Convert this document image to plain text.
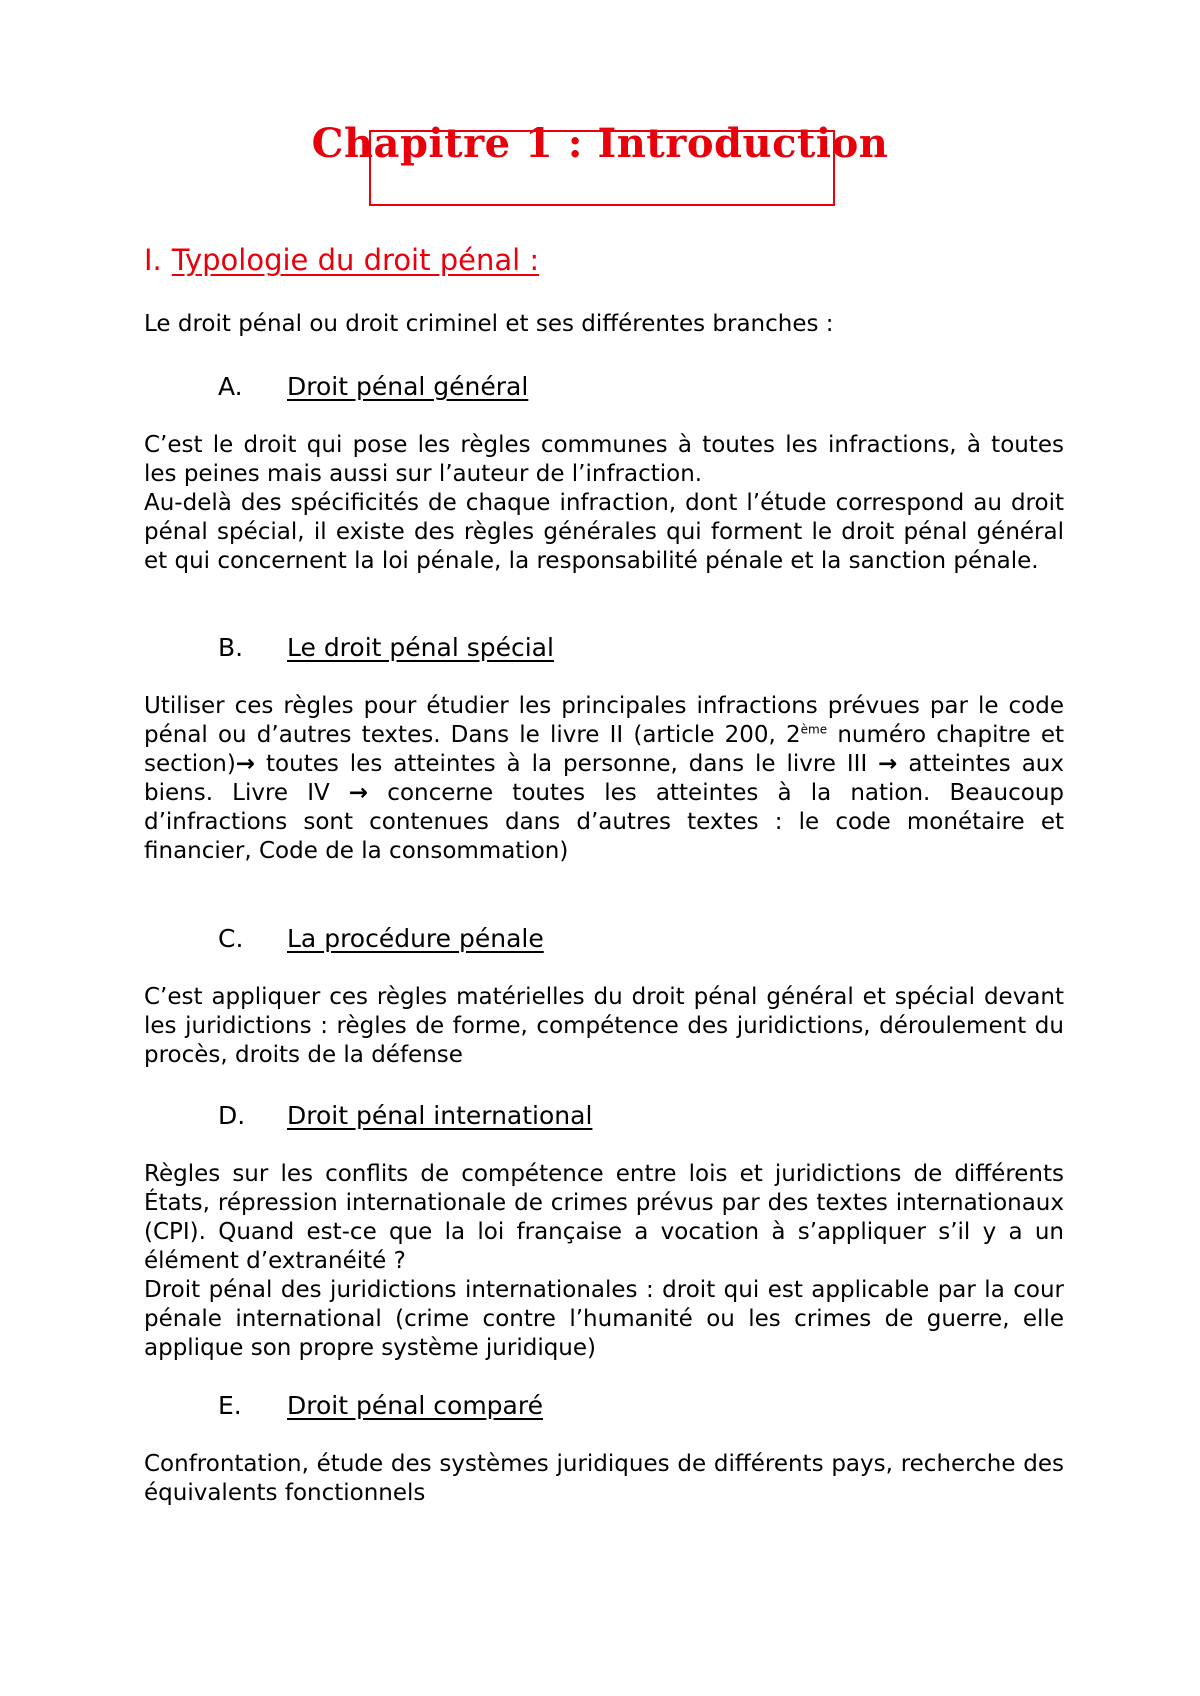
Chapitre 1 : Introduction
I. Typologie du droit pénal :
Le droit pénal ou droit criminel et ses différentes branches :
A. Droit pénal général

C’est le droit qui pose les règles communes à toutes les infractions, à toutes les peines mais aussi sur l’auteur de l’infraction.

Au-delà des spécificités de chaque infraction, dont l’étude correspond au droit pénal spécial, il existe des règles générales qui forment le droit pénal général et qui concernent la loi pénale, la responsabilité pénale et la sanction pénale.

B. Le droit pénal spécial

Utiliser ces règles pour étudier les principales infractions prévues par le code pénal ou d’autres textes. Dans le livre II (article 200, 2ème numéro chapitre et section)→ toutes les atteintes à la personne, dans le livre III → atteintes aux biens. Livre IV → concerne toutes les atteintes à la nation. Beaucoup d’infractions sont contenues dans d’autres textes : le code monétaire et financier, Code de la consommation)

C. La procédure pénale

C’est appliquer ces règles matérielles du droit pénal général et spécial devant les juridictions : règles de forme, compétence des juridictions, déroulement du procès, droits de la défense

D. Droit pénal international

Règles sur les conflits de compétence entre lois et juridictions de différents États, répression internationale de crimes prévus par des textes internationaux (CPI). Quand est-ce que la loi française a vocation à s’appliquer s’il y a un élément d’extranéité ?

Droit pénal des juridictions internationales : droit qui est applicable par la cour pénale international (crime contre l’humanité ou les crimes de guerre, elle applique son propre système juridique)

E. Droit pénal comparé

Confrontation, étude des systèmes juridiques de différents pays, recherche des équivalents fonctionnels
